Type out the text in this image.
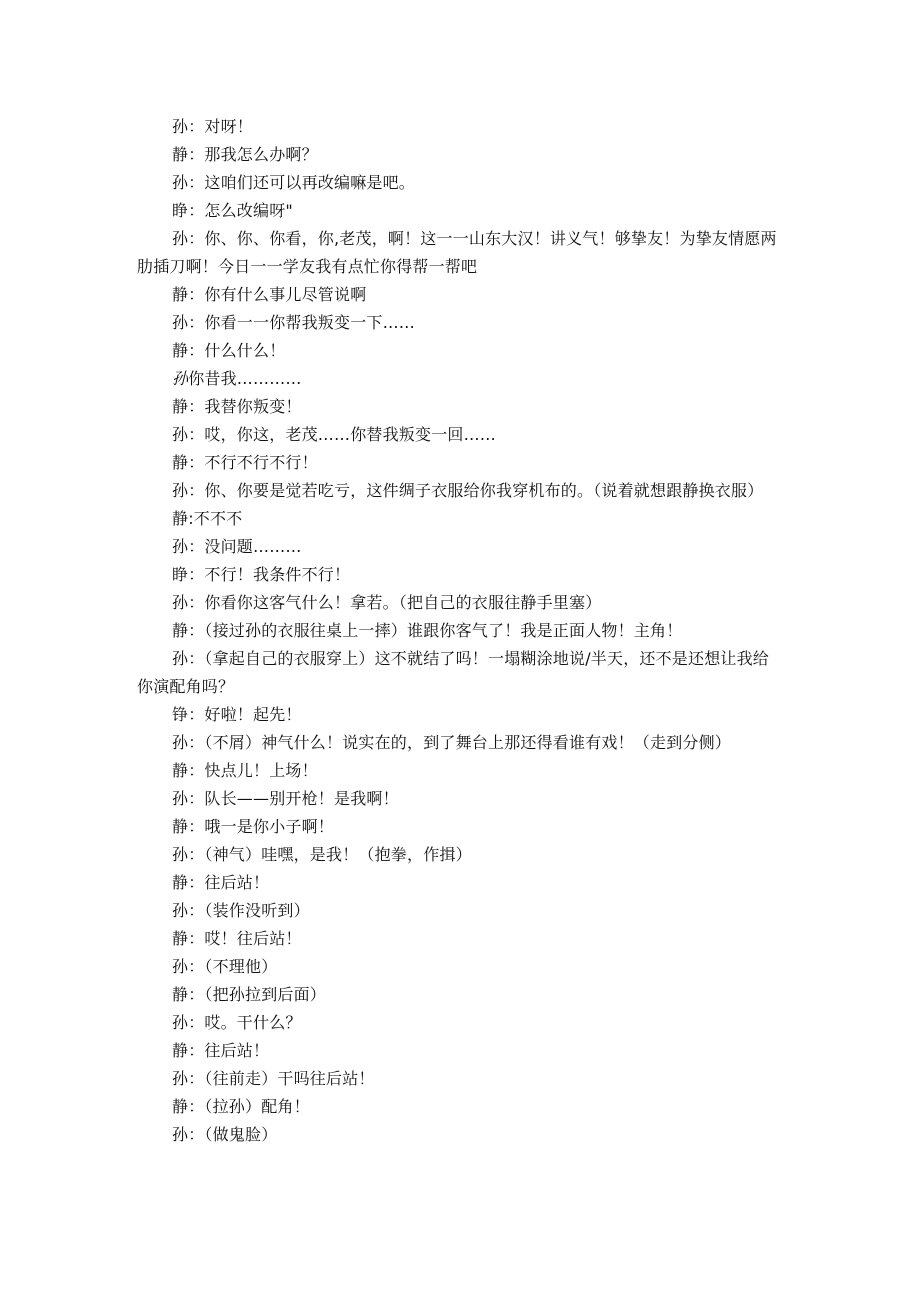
孙：对呀！

静：那我怎么办啊？

孙：这咱们还可以再改编嘛是吧。

睁：怎么改编呀"

孙：你、你、你看，你,老茂，啊！这一一山东大汉！讲义气！够挚友！为挚友情愿两肋插刀啊！今日一一学友我有点忙你得帮一帮吧

静：你有什么事儿尽管说啊

孙：你看一一你帮我叛变一下……

静：什么什么！

孙你昔我…………

静：我替你叛变！

孙：哎，你这，老茂……你替我叛变一回……

静：不行不行不行！

孙：你、你要是觉若吃亏，这件绸子衣服给你我穿机布的。（说着就想跟静换衣服）

静:不不不

孙：没问题………

睁：不行！我条件不行！

孙：你看你这客气什么！拿若。（把自己的衣服往静手里塞）

静：（接过孙的衣服往桌上一摔）谁跟你客气了！我是正面人物！主角！

孙：（拿起自己的衣服穿上）这不就结了吗！一塌糊涂地说/半天，还不是还想让我给你演配角吗？

铮：好啦！起先！

孙：（不屑）神气什么！说实在的，到了舞台上那还得看谁有戏！（走到分侧）

静：快点儿！上场！

孙：队长——别开枪！是我啊！

静：哦一是你小子啊！

孙：（神气）哇嘿，是我！（抱拳，作揖）

静：往后站！

孙：（装作没听到）

静：哎！往后站！

孙：（不理他）

静：（把孙拉到后面）

孙：哎。干什么？

静：往后站！

孙：（往前走）干吗往后站！

静：（拉孙）配角！

孙：（做鬼脸）
